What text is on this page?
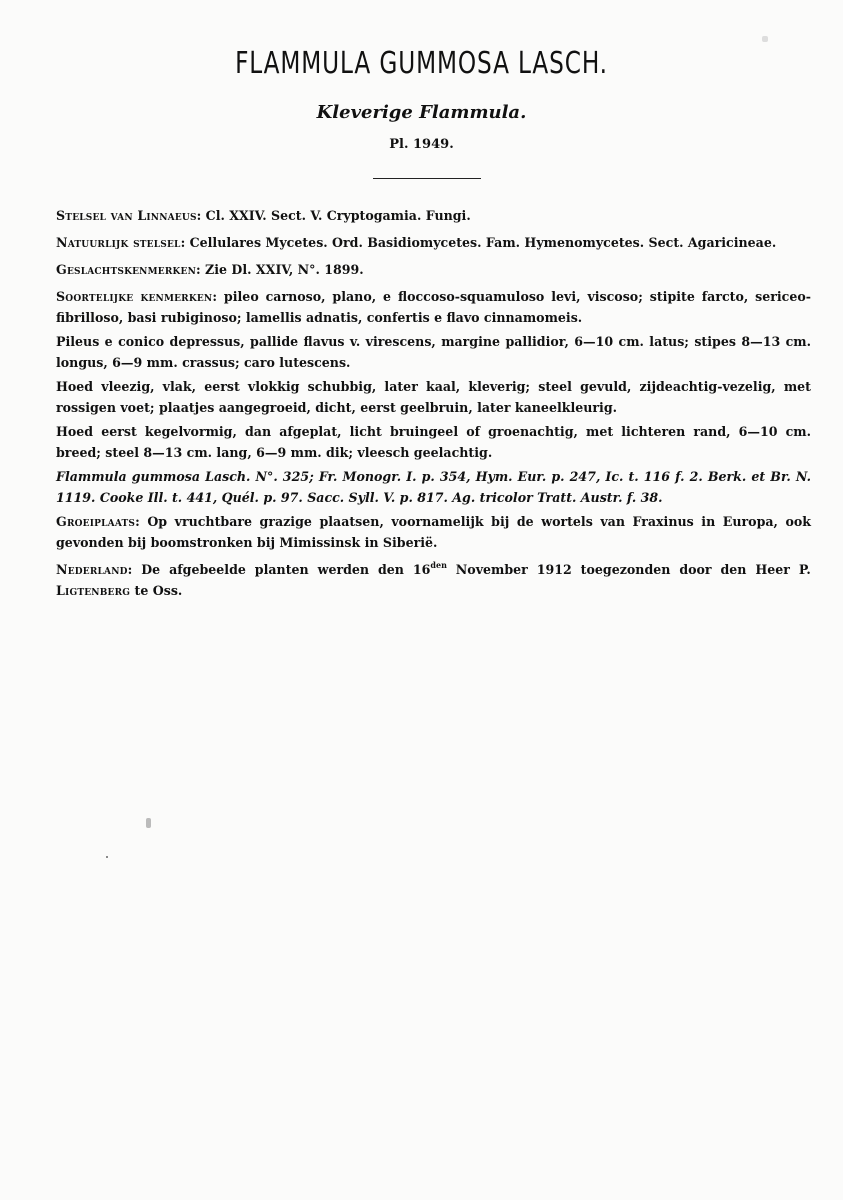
FLAMMULA GUMMOSA LASCH.
Kleverige Flammula.
Pl. 1949.

Stelsel van Linnaeus: Cl. XXIV. Sect. V. Cryptogamia. Fungi.

Natuurlijk stelsel: Cellulares Mycetes. Ord. Basidiomycetes. Fam. Hymenomycetes. Sect. Agaricineae.

Geslachtskenmerken: Zie Dl. XXIV, N°. 1899.

Soortelijke kenmerken: pileo carnoso, plano, e floccoso-squamuloso levi, viscoso; stipite farcto, sericeo-fibrilloso, basi rubiginoso; lamellis adnatis, confertis e flavo cinnamomeis.

Pileus e conico depressus, pallide flavus v. virescens, margine pallidior, 6—10 cm. latus; stipes 8—13 cm. longus, 6—9 mm. crassus; caro lutescens.

Hoed vleezig, vlak, eerst vlokkig schubbig, later kaal, kleverig; steel gevuld, zijdeachtig-vezelig, met rossigen voet; plaatjes aangegroeid, dicht, eerst geelbruin, later kaneelkleurig.

Hoed eerst kegelvormig, dan afgeplat, licht bruingeel of groenachtig, met lichteren rand, 6—10 cm. breed; steel 8—13 cm. lang, 6—9 mm. dik; vleesch geelachtig.

Flammula gummosa Lasch. N°. 325; Fr. Monogr. I. p. 354, Hym. Eur. p. 247, Ic. t. 116 f. 2. Berk. et Br. N. 1119. Cooke Ill. t. 441, Quél. p. 97. Sacc. Syll. V. p. 817. Ag. tricolor Tratt. Austr. f. 38.

Groeiplaats: Op vruchtbare grazige plaatsen, voornamelijk bij de wortels van Fraxinus in Europa, ook gevonden bij boomstronken bij Mimissinsk in Siberië.

Nederland: De afgebeelde planten werden den $16^{den}$ November 1912 toegezonden door den Heer P. Ligtenberg te Oss.
